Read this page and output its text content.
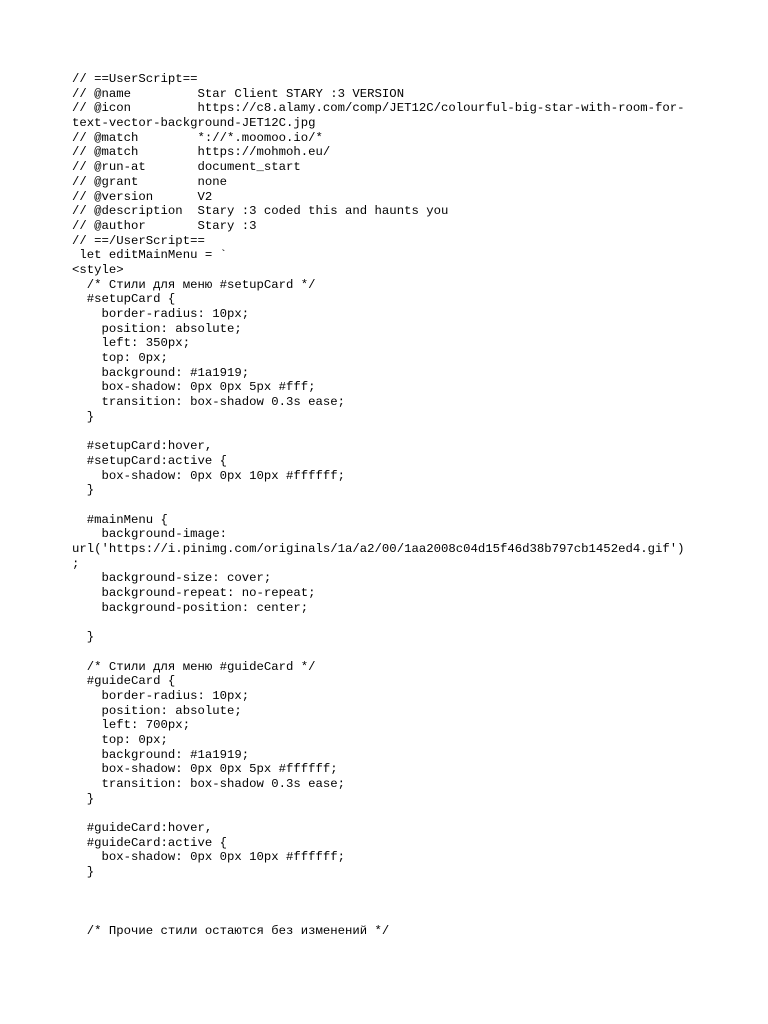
// ==UserScript==
// @name         Star Client STARY :3 VERSION
// @icon         https://c8.alamy.com/comp/JET12C/colourful-big-star-with-room-for-
text-vector-background-JET12C.jpg
// @match        *://*.moomoo.io/*
// @match        https://mohmoh.eu/
// @run-at       document_start
// @grant        none
// @version      V2
// @description  Stary :3 coded this and haunts you
// @author       Stary :3
// ==/UserScript==
let editMainMenu = `
<style>
/* Стили для меню #setupCard */
#setupCard {
border-radius: 10px;
position: absolute;
left: 350px;
top: 0px;
background: #1a1919;
box-shadow: 0px 0px 5px #fff;
transition: box-shadow 0.3s ease;
}
#setupCard:hover,
#setupCard:active {
box-shadow: 0px 0px 10px #ffffff;
}
#mainMenu {
background-image:
url('https://i.pinimg.com/originals/1a/a2/00/1aa2008c04d15f46d38b797cb1452ed4.gif')
;
background-size: cover;
background-repeat: no-repeat;
background-position: center;
}
/* Стили для меню #guideCard */
#guideCard {
border-radius: 10px;
position: absolute;
left: 700px;
top: 0px;
background: #1a1919;
box-shadow: 0px 0px 5px #ffffff;
transition: box-shadow 0.3s ease;
}
#guideCard:hover,
#guideCard:active {
box-shadow: 0px 0px 10px #ffffff;
}
/* Прочие стили остаются без изменений */
